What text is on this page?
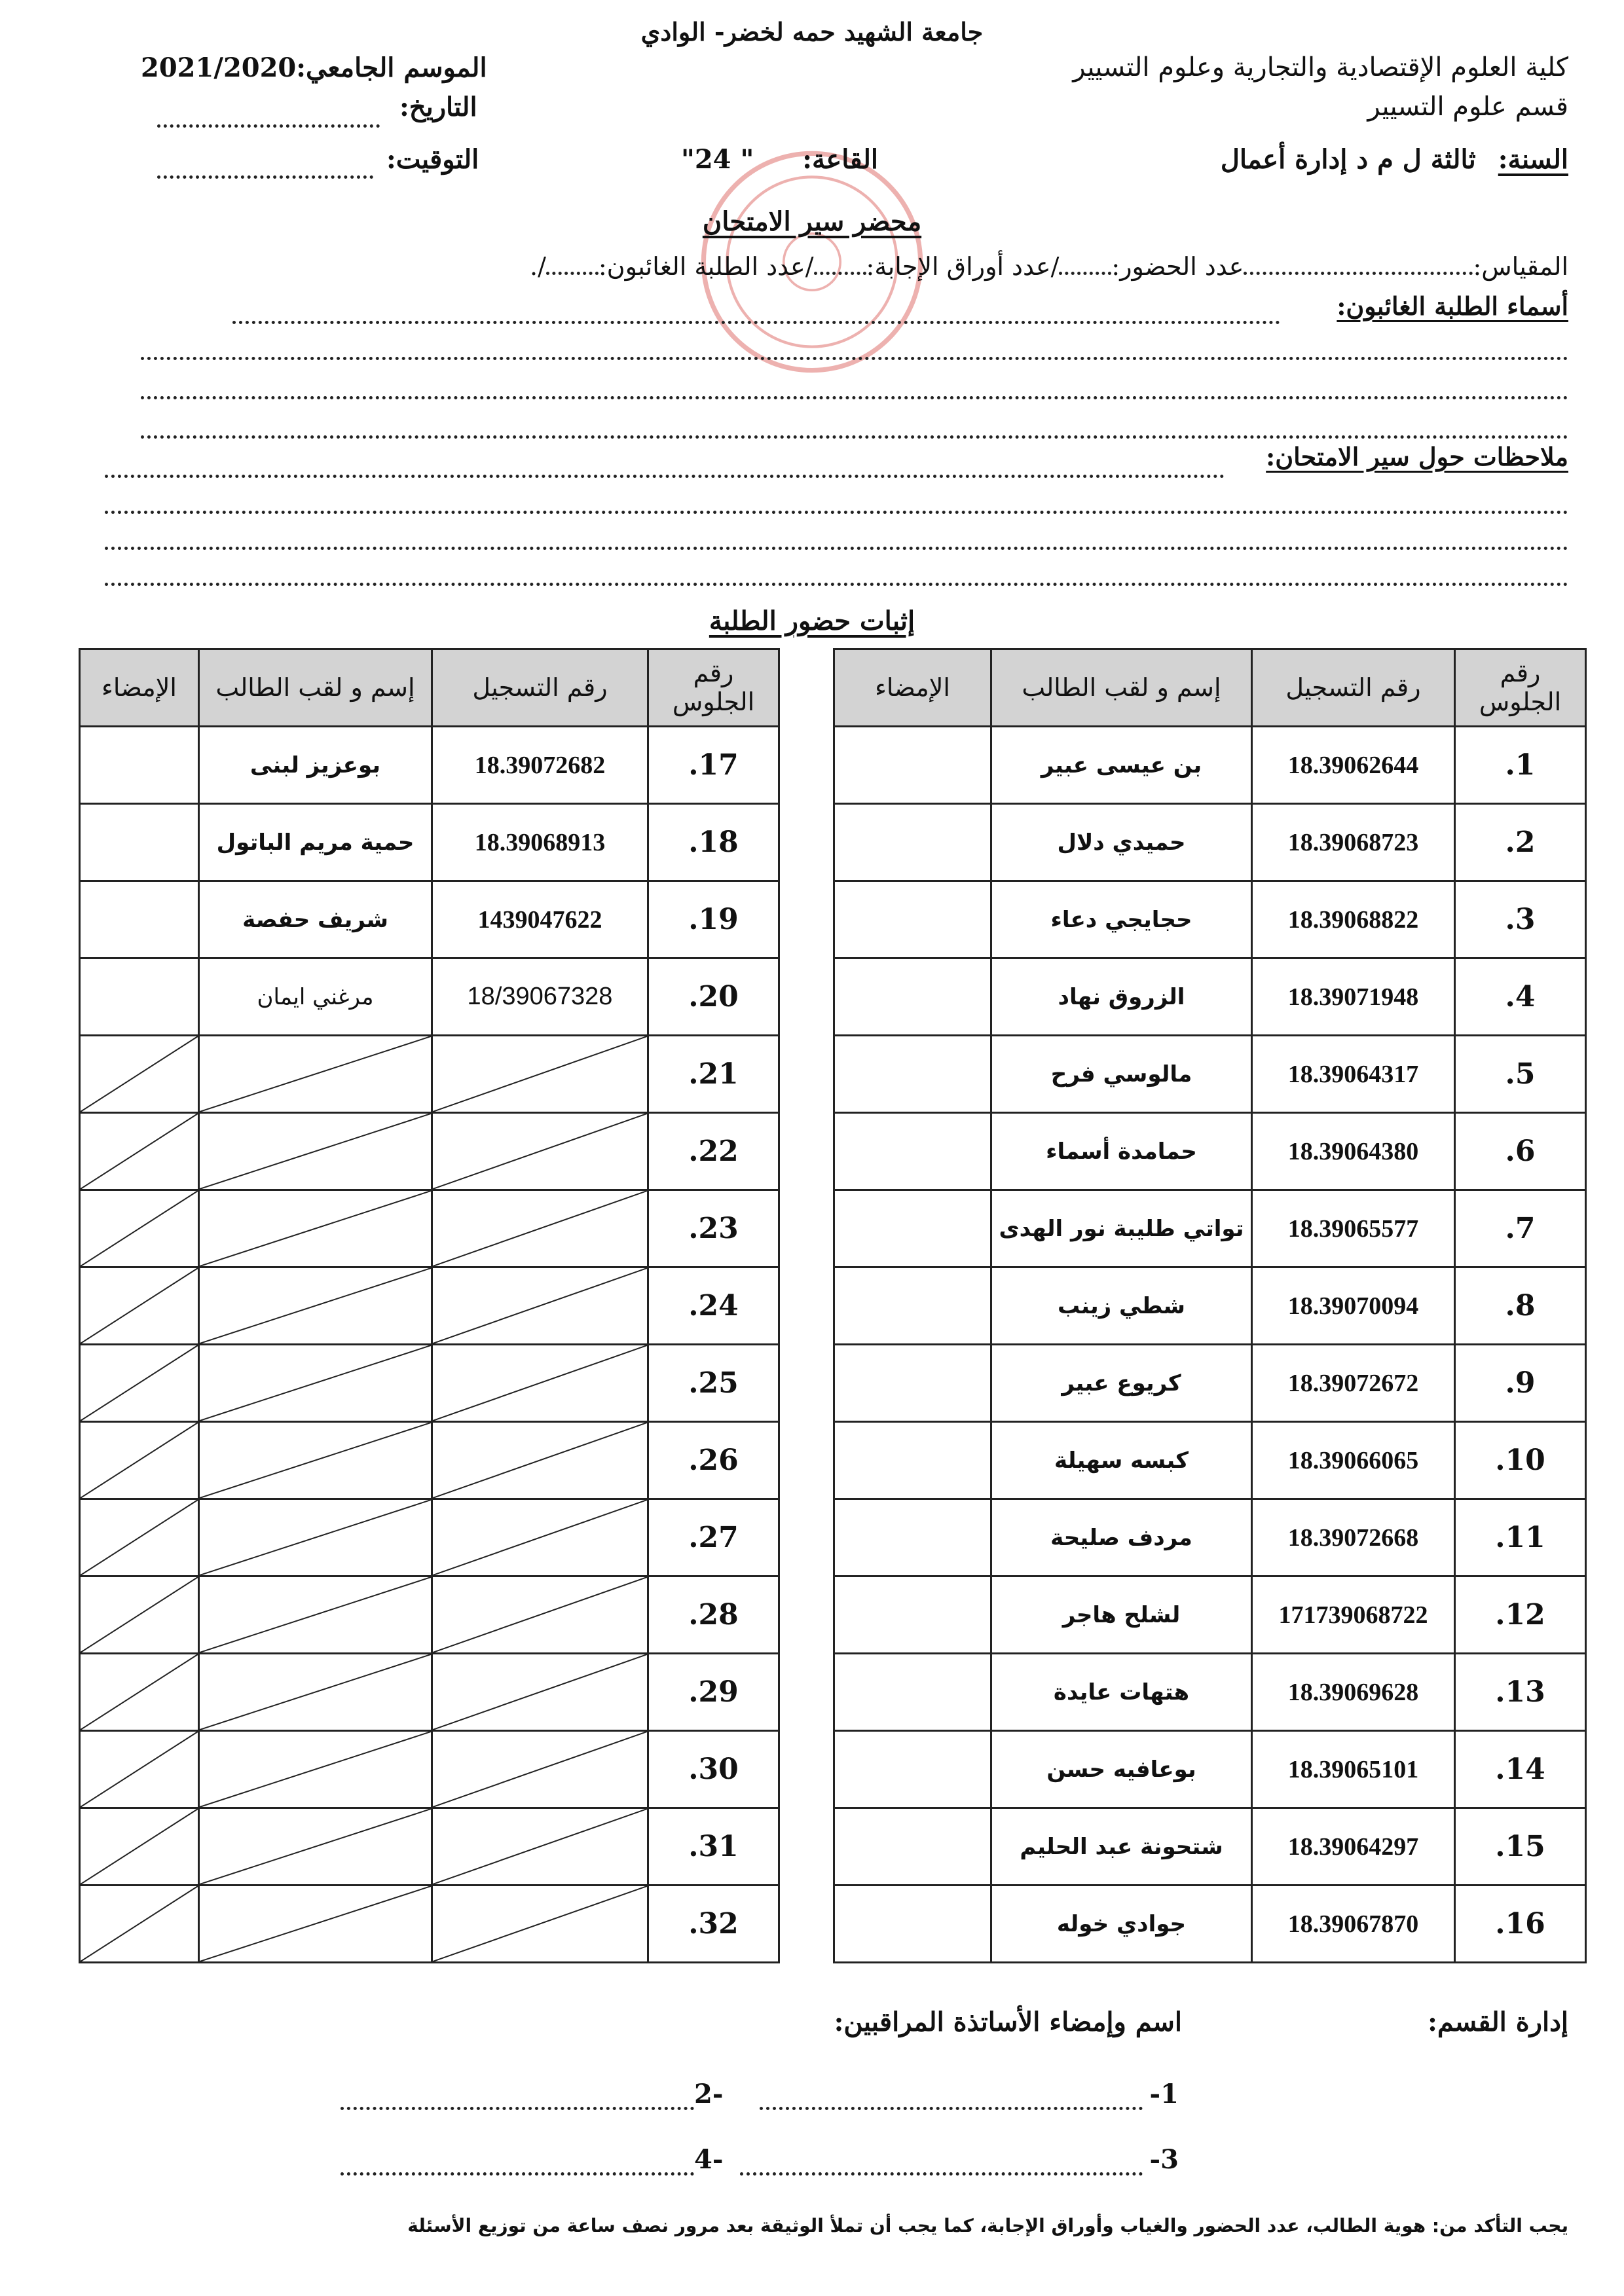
جامعة الشهيد حمه لخضر- الوادي
كلية العلوم الإقتصادية والتجارية وعلوم التسيير
قسم علوم التسيير
الموسم الجامعي:2021/2020
التاريخ:
التوقيت:	السنة: ثالثة ل م د إدارة أعمال
القاعة: " 24"
محضر سير الامتحان
المقياس:
عدد الحضور:
/عدد أوراق الإجابة:
/عدد الطلبة الغائبون:
/.
أسماء الطلبة الغائبون:
ملاحظات حول سير الامتحان:
إثبات حضور الطلبة
رقم الجلوس	رقم التسجيل	إسم و لقب الطالب	الإمضاء
1.	18.39062644	بن عيسى عبير	
2.	18.39068723	حميدي دلال	
3.	18.39068822	حجايجي دعاء	
4.	18.39071948	الزروق نهاد	
5.	18.39064317	مالوسي فرح	
6.	18.39064380	حمامدة أسماء	
7.	18.39065577	تواتي طليبة نور الهدى	
8.	18.39070094	شطي زينب	
9.	18.39072672	كريوع عبير	
10.	18.39066065	كبسه سهيلة	
11.	18.39072668	مردف صليحة	
12.	171739068722	لشلح هاجر	
13.	18.39069628	هتهات عايدة	
14.	18.39065101	بوعافيه حسن	
15.	18.39064297	شتحونة عبد الحليم	
16.	18.39067870	جوادي خوله	
رقم الجلوس	رقم التسجيل	إسم و لقب الطالب	الإمضاء
17.	18.39072682	بوعزيز لبنى	
18.	18.39068913	حمية مريم الباتول	
19.	1439047622	شريف حفصة	
20.	18/39067328	مرغني ايمان	
21.	

22.	

23.	

24.	

25.	

26.	

27.	

28.	

29.	

30.	

31.	

32.	

إدارة القسم:
اسم وإمضاء الأساتذة المراقبين:
1-
-2
3-
-4
يجب التأكد من: هوية الطالب، عدد الحضور والغياب وأوراق الإجابة، كما يجب أن تملأ الوثيقة بعد مرور نصف ساعة من توزيع الأسئلة
